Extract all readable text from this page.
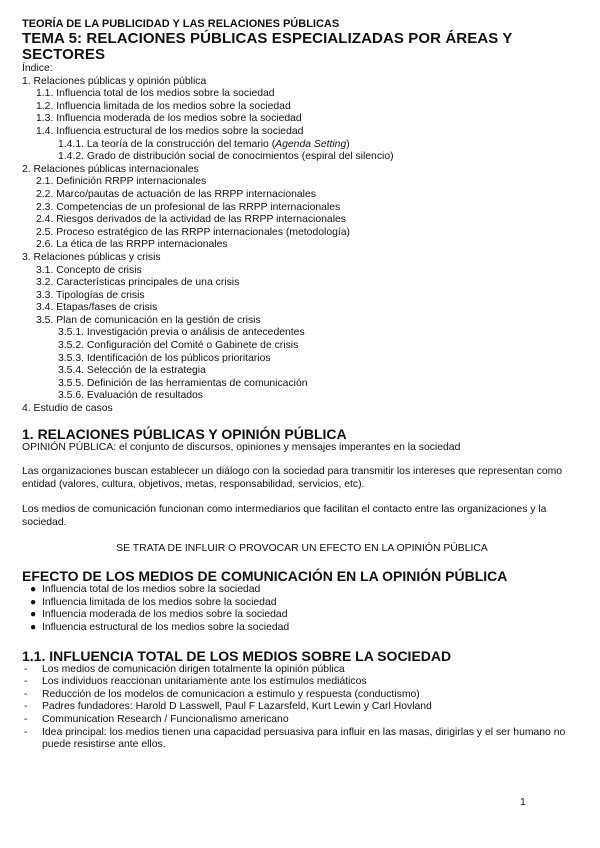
TEORÍA DE LA PUBLICIDAD Y LAS RELACIONES PÚBLICAS

TEMA 5: RELACIONES PÚBLICAS ESPECIALIZADAS POR ÁREAS Y SECTORES

Índice:

1. Relaciones públicas y opinión pública

1.1. Influencia total de los medios sobre la sociedad

1.2. Influencia limitada de los medios sobre la sociedad

1.3. Influencia moderada de los medios sobre la sociedad

1.4. Influencia estructural de los medios sobre la sociedad

1.4.1. La teoría de la construcción del temario (Agenda Setting)

1.4.2. Grado de distribución social de conocimientos (espiral del silencio)

2. Relaciones públicas internacionales

2.1. Definición RRPP internacionales

2.2. Marco/pautas de actuación de las RRPP internacionales

2.3. Competencias de un profesional de las RRPP internacionales

2.4. Riesgos derivados de la actividad de las RRPP internacionales

2.5. Proceso estratégico de las RRPP internacionales (metodología)

2.6. La ética de las RRPP internacionales

3. Relaciones públicas y crisis

3.1. Concepto de crisis

3.2. Características principales de una crisis

3.3. Tipologías de crisis

3.4. Etapas/fases de crisis

3.5. Plan de comunicación en la gestión de crisis

3.5.1. Investigación previa o análisis de antecedentes

3.5.2. Configuración del Comité o Gabinete de crisis

3.5.3. Identificación de los públicos prioritarios

3.5.4. Selección de la estrategia

3.5.5. Definición de las herramientas de comunicación

3.5.6. Evaluación de resultados

4. Estudio de casos

1. RELACIONES PÚBLICAS Y OPINIÓN PÚBLICA

OPINIÓN PÚBLICA: el conjunto de discursos, opiniones y mensajes imperantes en la sociedad

Las organizaciones buscan establecer un diálogo con la sociedad para transmitir los intereses que representan como entidad (valores, cultura, objetivos, metas, responsabilidad, servicios, etc).

Los medios de comunicación funcionan como intermediarios que facilitan el contacto entre las organizaciones y la sociedad.

SE TRATA DE INFLUIR O PROVOCAR UN EFECTO EN LA OPINIÓN PÚBLICA

EFECTO DE LOS MEDIOS DE COMUNICACIÓN EN LA OPINIÓN PÚBLICA

● Influencia total de los medios sobre la sociedad
● Influencia limitada de los medios sobre la sociedad
● Influencia moderada de los medios sobre la sociedad
● Influencia estructural de los medios sobre la sociedad

1.1. INFLUENCIA TOTAL DE LOS MEDIOS SOBRE LA SOCIEDAD

- Los medios de comunicación dirigen totalmente la opinión pública
- Los individuos reaccionan unitariamente ante los estímulos mediáticos
- Reducción de los modelos de comunicacion a estimulo y respuesta (conductismo)
- Padres fundadores: Harold D Lasswell, Paul F Lazarsfeld, Kurt Lewin y Carl Hovland
- Communication Research / Funcionalismo americano
- Idea principal: los medios tienen una capacidad persuasiva para influir en las masas, dirigirlas y el ser humano no puede resistirse ante ellos.
1
